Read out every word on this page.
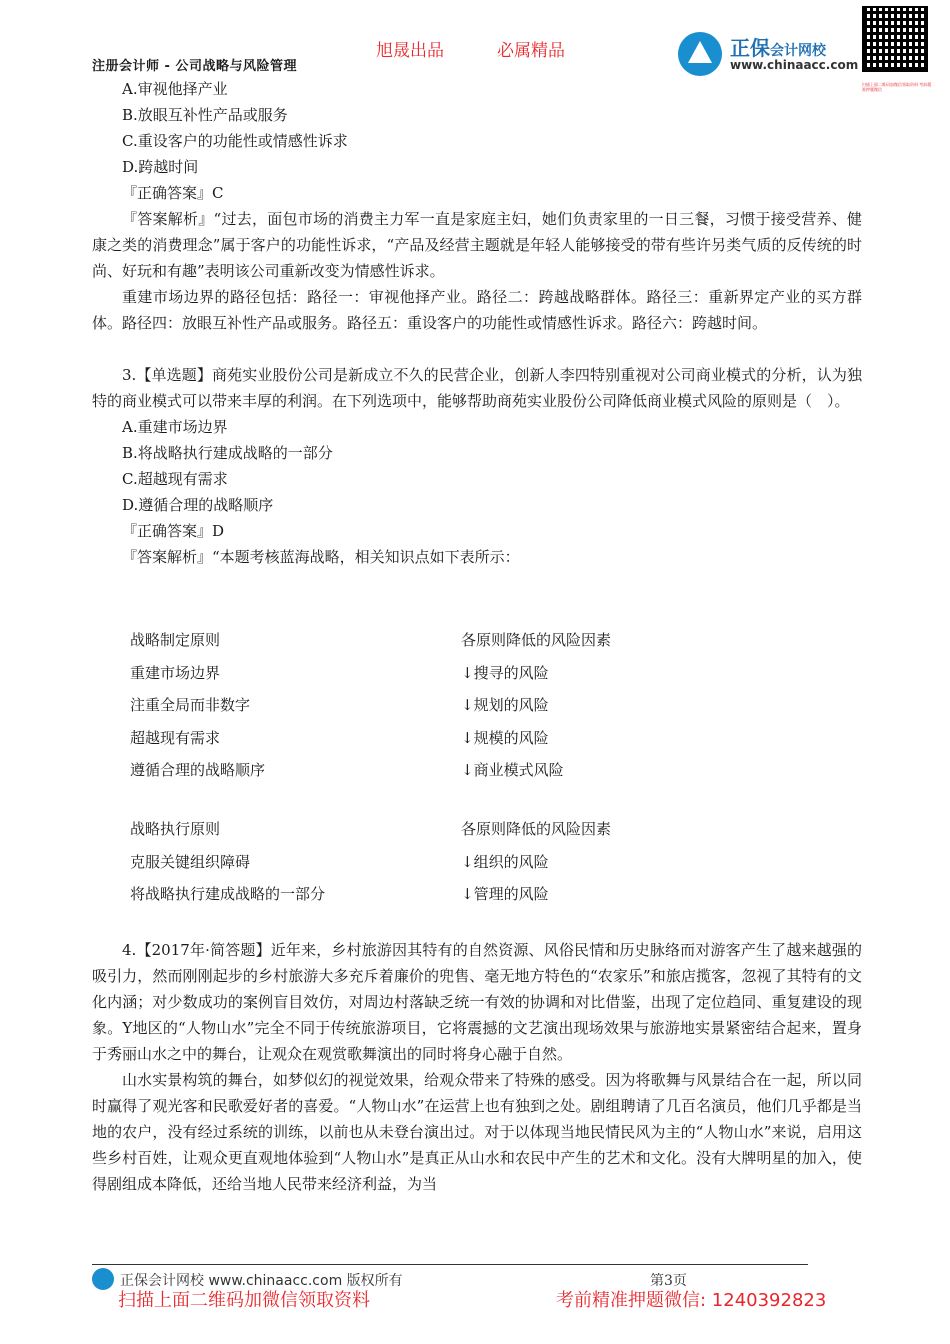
旭晟出品	必属精品
注册会计师 - 公司战略与风险管理
正保会计网校
www.chinaacc.com
扫描上面二维码加微信领取资料 考前精准押题微信
A.审视他择产业
B.放眼互补性产品或服务
C.重设客户的功能性或情感性诉求
D.跨越时间
『正确答案』C
『答案解析』“过去，面包市场的消费主力军一直是家庭主妇，她们负责家里的一日三餐，习惯于接受营养、健康之类的消费理念”属于客户的功能性诉求，“产品及经营主题就是年轻人能够接受的带有些许另类气质的反传统的时尚、好玩和有趣”表明该公司重新改变为情感性诉求。
重建市场边界的路径包括：路径一：审视他择产业。路径二：跨越战略群体。路径三：重新界定产业的买方群体。路径四：放眼互补性产品或服务。路径五：重设客户的功能性或情感性诉求。路径六：跨越时间。
3.【单选题】商苑实业股份公司是新成立不久的民营企业，创新人李四特别重视对公司商业模式的分析，认为独特的商业模式可以带来丰厚的利润。在下列选项中，能够帮助商苑实业股份公司降低商业模式风险的原则是（　）。
A.重建市场边界
B.将战略执行建成战略的一部分
C.超越现有需求
D.遵循合理的战略顺序
『正确答案』D
『答案解析』“本题考核蓝海战略，相关知识点如下表所示：
战略制定原则	各原则降低的风险因素
重建市场边界	↓搜寻的风险
注重全局而非数字	↓规划的风险
超越现有需求	↓规模的风险
遵循合理的战略顺序	↓商业模式风险
战略执行原则	各原则降低的风险因素
克服关键组织障碍	↓组织的风险
将战略执行建成战略的一部分	↓管理的风险
4.【2017年·简答题】近年来，乡村旅游因其特有的自然资源、风俗民情和历史脉络而对游客产生了越来越强的吸引力，然而刚刚起步的乡村旅游大多充斥着廉价的兜售、毫无地方特色的“农家乐”和旅店揽客，忽视了其特有的文化内涵；对少数成功的案例盲目效仿，对周边村落缺乏统一有效的协调和对比借鉴，出现了定位趋同、重复建设的现象。Y地区的“人物山水”完全不同于传统旅游项目，它将震撼的文艺演出现场效果与旅游地实景紧密结合起来，置身于秀丽山水之中的舞台，让观众在观赏歌舞演出的同时将身心融于自然。
山水实景构筑的舞台，如梦似幻的视觉效果，给观众带来了特殊的感受。因为将歌舞与风景结合在一起，所以同时赢得了观光客和民歌爱好者的喜爱。“人物山水”在运营上也有独到之处。剧组聘请了几百名演员，他们几乎都是当地的农户，没有经过系统的训练，以前也从未登台演出过。对于以体现当地民情民风为主的“人物山水”来说，启用这些乡村百姓，让观众更直观地体验到“人物山水”是真正从山水和农民中产生的艺术和文化。没有大牌明星的加入，使得剧组成本降低，还给当地人民带来经济利益，为当
正保会计网校 www.chinaacc.com 版权所有	第3页
扫描上面二维码加微信领取资料	考前精准押题微信: 1240392823
